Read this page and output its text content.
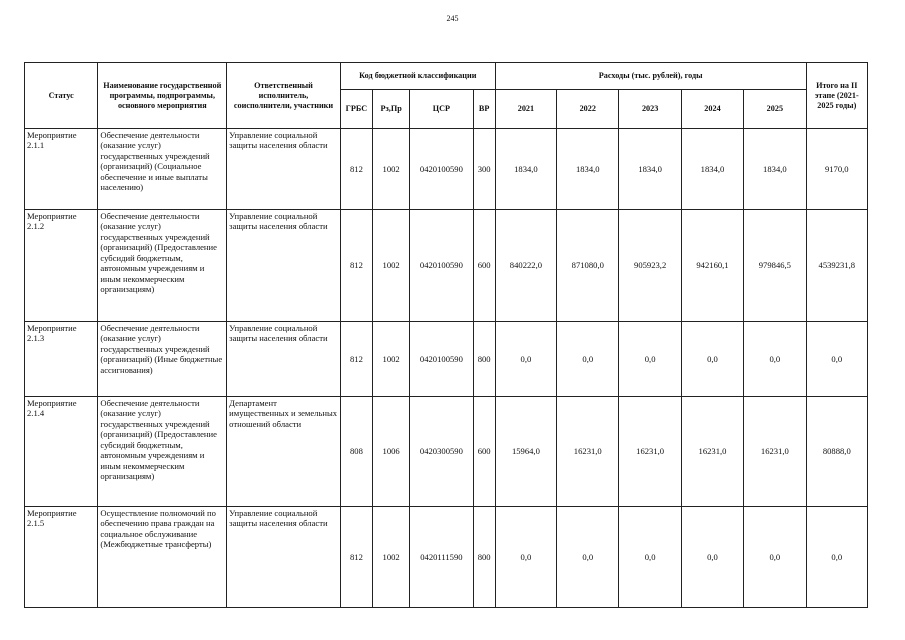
245
Статус	Наименование государственной программы, подпрограммы, основного мероприятия	Ответственный исполнитель, соисполнители, участники	Код бюджетной классификации				Расходы (тыс. рублей), годы					Итого на II этапе (2021-2025 годы)
			ГРБС	Рз,Пр	ЦСР	ВР	2021	2022	2023	2024	2025	
Мероприятие 2.1.1	Обеспечение деятельности (оказание услуг) государственных учреждений (организаций) (Социальное обеспечение и иные выплаты населению)	Управление социальной защиты населения области	812	1002	0420100590	300	1834,0	1834,0	1834,0	1834,0	1834,0	9170,0
Мероприятие 2.1.2	Обеспечение деятельности (оказание услуг) государственных учреждений (организаций) (Предоставление субсидий бюджетным, автономным учреждениям и иным некоммерческим организациям)	Управление социальной защиты населения области	812	1002	0420100590	600	840222,0	871080,0	905923,2	942160,1	979846,5	4539231,8
Мероприятие 2.1.3	Обеспечение деятельности (оказание услуг) государственных учреждений (организаций) (Иные бюджетные ассигнования)	Управление социальной защиты населения области	812	1002	0420100590	800	0,0	0,0	0,0	0,0	0,0	0,0
Мероприятие 2.1.4	Обеспечение деятельности (оказание услуг) государственных учреждений (организаций) (Предоставление субсидий бюджетным, автономным учреждениям и иным некоммерческим организациям)	Департамент имущественных и земельных отношений области	808	1006	0420300590	600	15964,0	16231,0	16231,0	16231,0	16231,0	80888,0
Мероприятие 2.1.5	Осуществление полномочий по обеспечению права граждан на социальное обслуживание (Межбюджетные трансферты)	Управление социальной защиты населения области	812	1002	0420111590	800	0,0	0,0	0,0	0,0	0,0	0,0
